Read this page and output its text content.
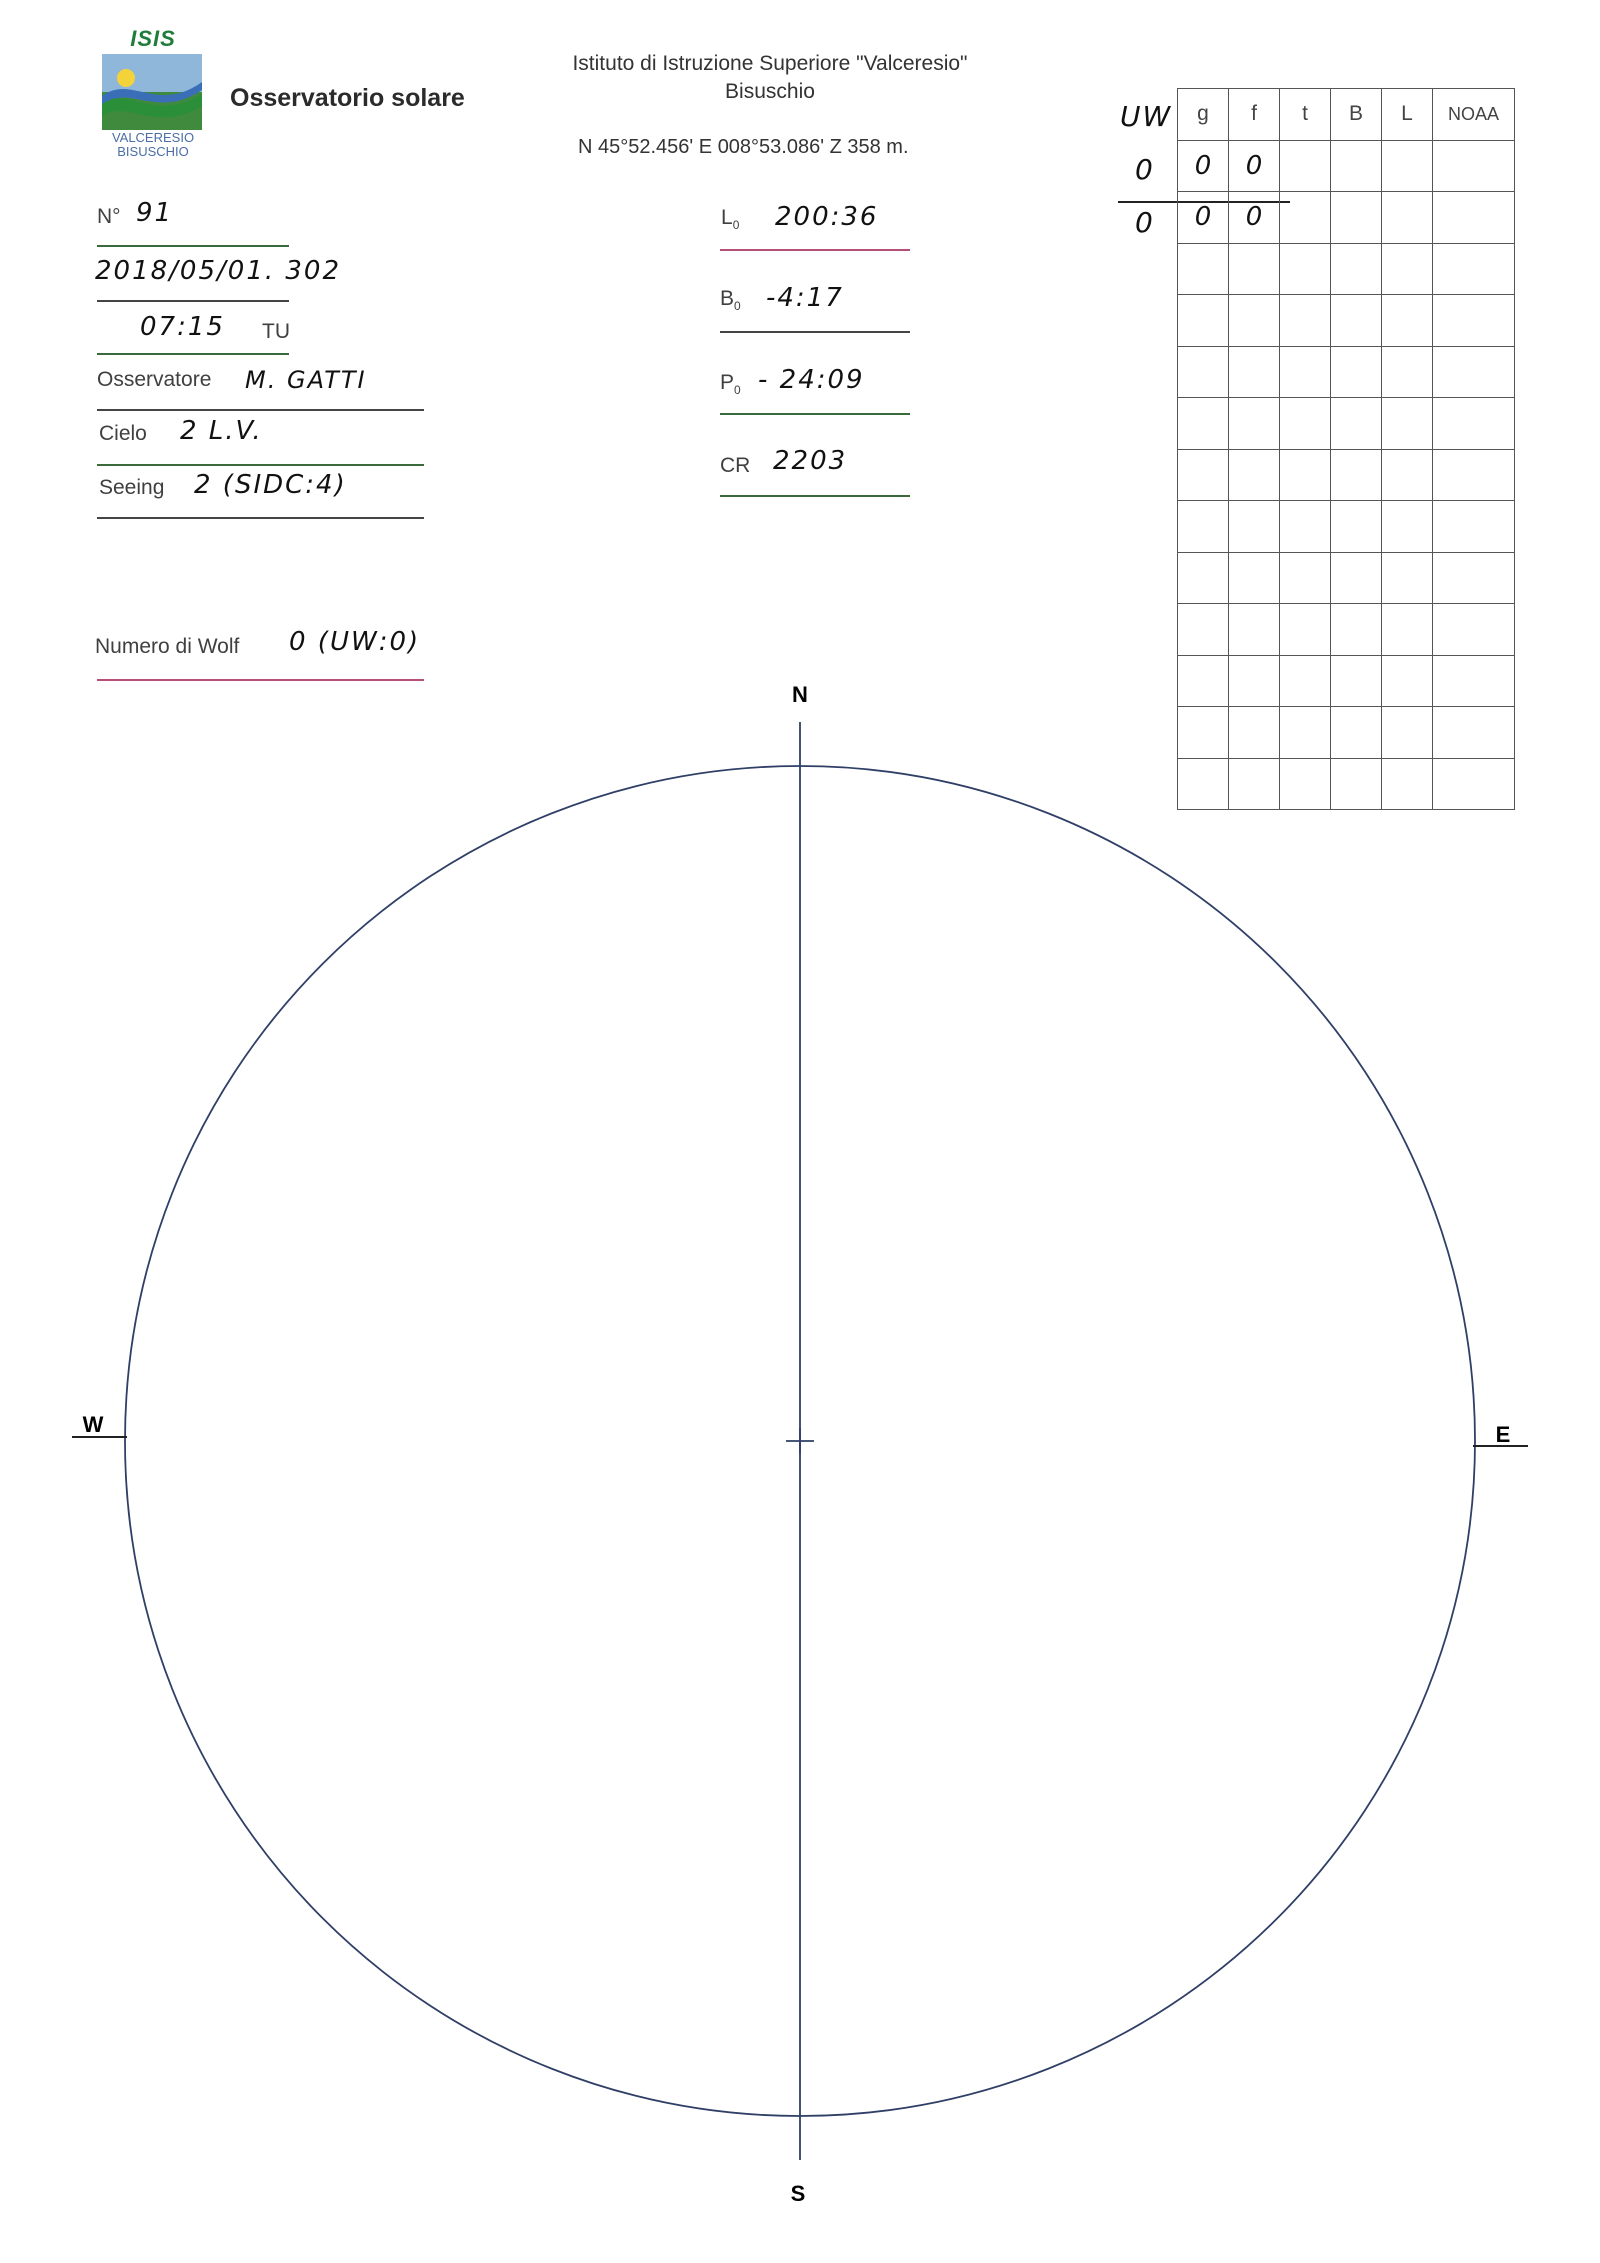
ISIS
VALCERESIO
BISUSCHIO
Osservatorio solare
Istituto di Istruzione Superiore "Valceresio"
Bisuschio
N 45°52.456' E 008°53.086' Z 358 m.
N° 91
2018/05/01. 302
07:15 TU
Osservatore M. GATTI
Cielo 2 L.V.
Seeing 2 (SIDC:4)
Numero di Wolf 0 (UW:0)
$L_0$ 200:36
$B_0$ -4:17
$P_0$ - 24:09
CR 2203
UW
0
0
g	f	t	B	L	NOAA
0	0				
0	0				

N
S
W	E
